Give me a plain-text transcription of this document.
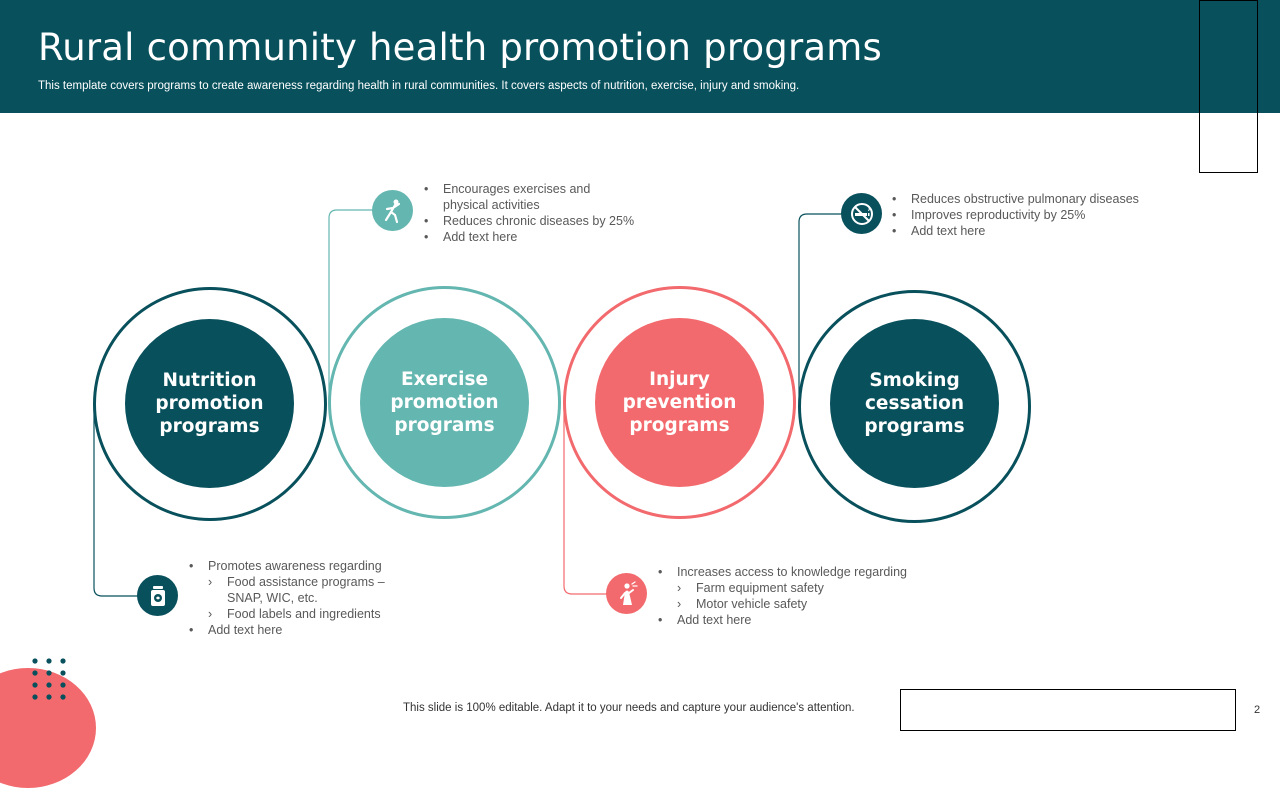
Rural community health promotion programs
This template covers programs to create awareness regarding health in rural communities. It covers aspects of nutrition, exercise, injury and smoking.
Nutrition
promotion
programs
Exercise
promotion
programs
Injury
prevention
programs
Smoking
cessation
programs
• Promotes awareness regarding
› Food assistance programs –
SNAP, WIC, etc.
› Food labels and ingredients
• Add text here
• Encourages exercises and
physical activities
• Reduces chronic diseases by 25%
• Add text here
• Increases access to knowledge regarding
› Farm equipment safety
› Motor vehicle safety
• Add text here
• Reduces obstructive pulmonary diseases
• Improves reproductivity by 25%
• Add text here
This slide is 100% editable. Adapt it to your needs and capture your audience's attention.	2
